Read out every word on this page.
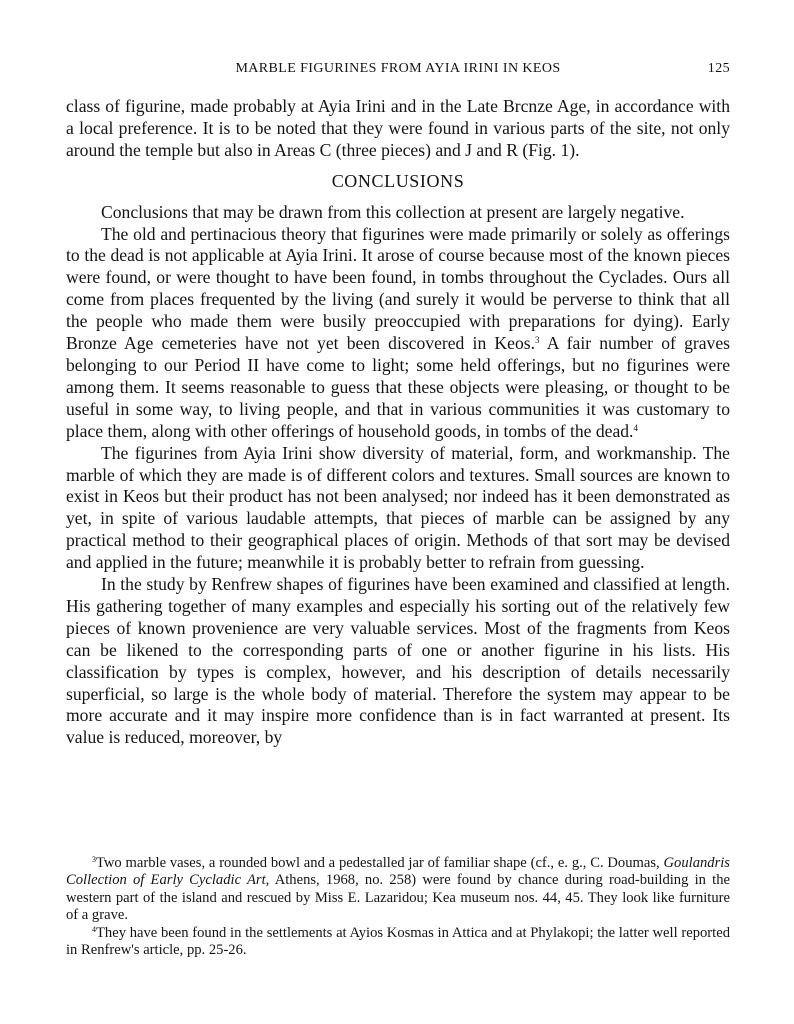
MARBLE FIGURINES FROM AYIA IRINI IN KEOS	125

class of figurine, made probably at Ayia Irini and in the Late Brcnze Age, in accordance with a local preference. It is to be noted that they were found in various parts of the site, not only around the temple but also in Areas C (three pieces) and J and R (Fig. 1).

CONCLUSIONS

Conclusions that may be drawn from this collection at present are largely negative.

The old and pertinacious theory that figurines were made primarily or solely as offerings to the dead is not applicable at Ayia Irini. It arose of course because most of the known pieces were found, or were thought to have been found, in tombs throughout the Cyclades. Ours all come from places frequented by the living (and surely it would be perverse to think that all the people who made them were busily preoccupied with preparations for dying). Early Bronze Age cemeteries have not yet been discovered in Keos.$^3$ A fair number of graves belonging to our Period II have come to light; some held offerings, but no figurines were among them. It seems reasonable to guess that these objects were pleasing, or thought to be useful in some way, to living people, and that in various communities it was customary to place them, along with other offerings of household goods, in tombs of the dead.$^4$

The figurines from Ayia Irini show diversity of material, form, and workmanship. The marble of which they are made is of different colors and textures. Small sources are known to exist in Keos but their product has not been analysed; nor indeed has it been demonstrated as yet, in spite of various laudable attempts, that pieces of marble can be assigned by any practical method to their geographical places of origin. Methods of that sort may be devised and applied in the future; meanwhile it is probably better to refrain from guessing.

In the study by Renfrew shapes of figurines have been examined and classified at length. His gathering together of many examples and especially his sorting out of the relatively few pieces of known provenience are very valuable services. Most of the fragments from Keos can be likened to the corresponding parts of one or another figurine in his lists. His classification by types is complex, however, and his description of details necessarily superficial, so large is the whole body of material. Therefore the system may appear to be more accurate and it may inspire more confidence than is in fact warranted at present. Its value is reduced, moreover, by

$^3$Two marble vases, a rounded bowl and a pedestalled jar of familiar shape (cf., e. g., C. Doumas, Goulandris Collection of Early Cycladic Art, Athens, 1968, no. 258) were found by chance during road-building in the western part of the island and rescued by Miss E. Lazaridou; Kea museum nos. 44, 45. They look like furniture of a grave.

$^4$They have been found in the settlements at Ayios Kosmas in Attica and at Phylakopi; the latter well reported in Renfrew's article, pp. 25-26.
